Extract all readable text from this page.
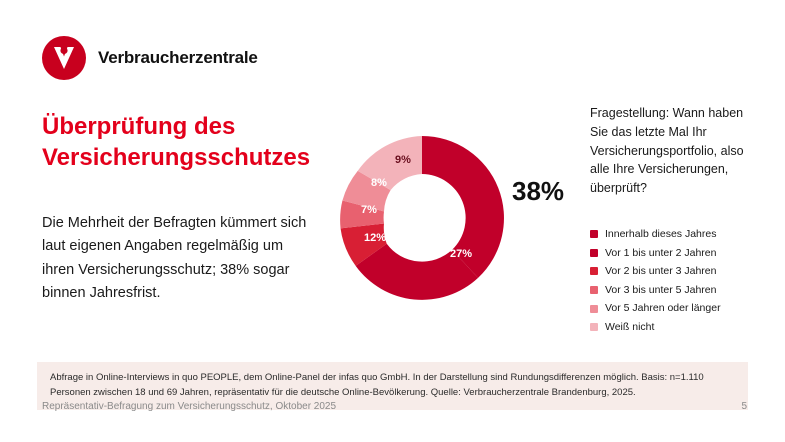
Verbraucherzentrale
Überprüfung des Versicherungsschutzes
Die Mehrheit der Befragten kümmert sich laut eigenen Angaben regelmäßig um ihren Versicherungsschutz; 38% sogar binnen Jahresfrist.
27%
12%
7%
8%
9%
38%
Fragestellung: Wann haben Sie das letzte Mal Ihr Versicherungsportfolio, also alle Ihre Versicherungen, überprüft?
Innerhalb dieses Jahres
Vor 1 bis unter 2 Jahren
Vor 2 bis unter 3 Jahren
Vor 3 bis unter 5 Jahren
Vor 5 Jahren oder länger
Weiß nicht
Abfrage in Online-Interviews in quo PEOPLE, dem Online-Panel der infas quo GmbH. In der Darstellung sind Rundungsdifferenzen möglich. Basis: n=1.110 Personen zwischen 18 und 69 Jahren, repräsentativ für die deutsche Online-Bevölkerung. Quelle: Verbraucherzentrale Brandenburg, 2025.
Repräsentativ-Befragung zum Versicherungsschutz, Oktober 2025	5
